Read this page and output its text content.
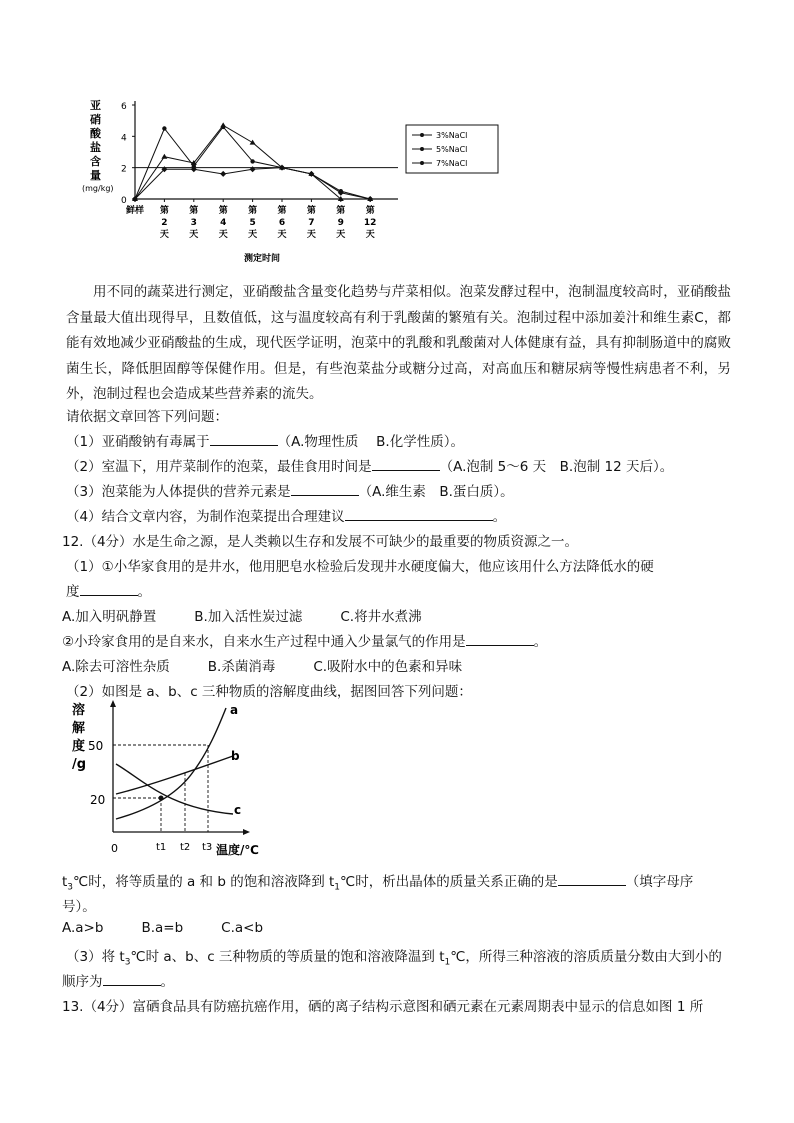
亚
硝
酸
盐
含
量
(mg/kg)
6
4
2
0
鲜样 第
2
天
第
3
天
第
4
天
第
5
天
第
6
天
第
7
天
第
9
天
第
12
天
测定时间
3%NaCl
5%NaCl
7%NaCl
用不同的蔬菜进行测定，亚硝酸盐含量变化趋势与芹菜相似。泡菜发酵过程中，泡制温度较高时，亚硝酸盐含量最大值出现得早，且数值低，这与温度较高有利于乳酸菌的繁殖有关。泡制过程中添加姜汁和维生素C，都能有效地减少亚硝酸盐的生成，现代医学证明，泡菜中的乳酸和乳酸菌对人体健康有益，具有抑制肠道中的腐败菌生长，降低胆固醇等保健作用。但是，有些泡菜盐分或糖分过高，对高血压和糖尿病等慢性病患者不利，另外，泡制过程也会造成某些营养素的流失。
请依据文章回答下列问题：
（1）亚硝酸钠有毒属于	（A.物理性质　 B.化学性质）。
（2）室温下，用芹菜制作的泡菜，最佳食用时间是	（A.泡制 5～6 天　B.泡制 12 天后）。
（3）泡菜能为人体提供的营养元素是	（A.维生素　B.蛋白质）。
（4）结合文章内容，为制作泡菜提出合理建议	。
12.（4分）水是生命之源，是人类赖以生存和发展不可缺少的最重要的物质资源之一。
（1）①小华家食用的是井水，他用肥皂水检验后发现井水硬度偏大，他应该用什么方法降低水的硬
度	。
A.加入明矾静置	B.加入活性炭过滤	C.将井水煮沸
②小玲家食用的是自来水，自来水生产过程中通入少量氯气的作用是	。
A.除去可溶性杂质	B.杀菌消毒	C.吸附水中的色素和异味
（2）如图是 a、b、c 三种物质的溶解度曲线，据图回答下列问题：
溶
解
度
/g
50
20
0	t1 t2 t3 温度/℃
a
b
c
$t_3℃$时，将等质量的 a 和 b 的饱和溶液降到 $t_1℃$时，析出晶体的质量关系正确的是	（填字母序
号）。
A.a>b	B.a=b	C.a<b
（3）将 $t_3℃$时 a、b、c 三种物质的等质量的饱和溶液降温到 $t_1℃$，所得三种溶液的溶质质量分数由大到小的
顺序为	。
13.（4分）富硒食品具有防癌抗癌作用，硒的离子结构示意图和硒元素在元素周期表中显示的信息如图 1 所
